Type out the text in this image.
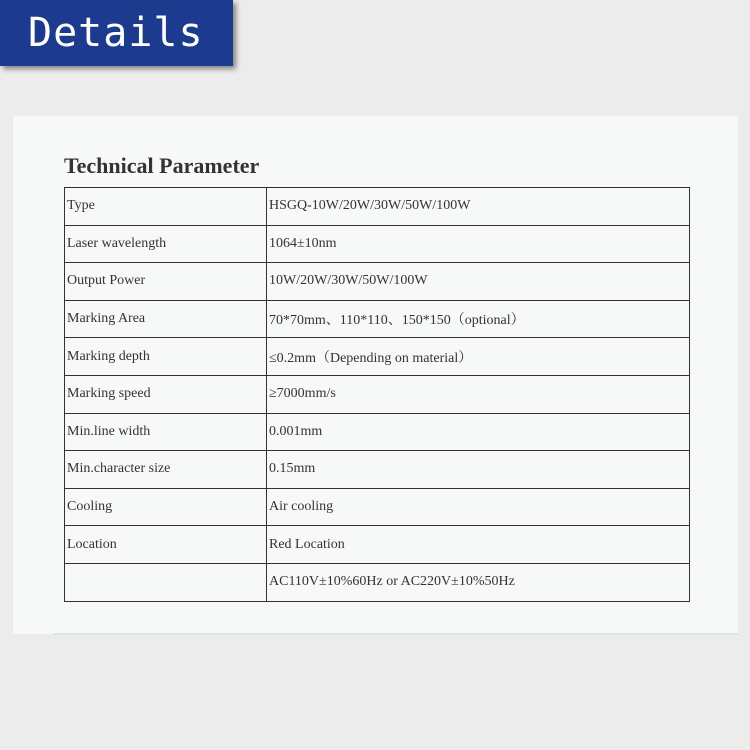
Details
Technical Parameter
Type	HSGQ-10W/20W/30W/50W/100W
Laser wavelength	1064±10nm
Output Power	10W/20W/30W/50W/100W
Marking Area	70*70mm、110*110、150*150（optional）
Marking depth	≤0.2mm（Depending on material）
Marking speed	≥7000mm/s
Min.line width	0.001mm
Min.character size	0.15mm
Cooling	Air cooling
Location	Red Location
	AC110V±10%60Hz or AC220V±10%50Hz
